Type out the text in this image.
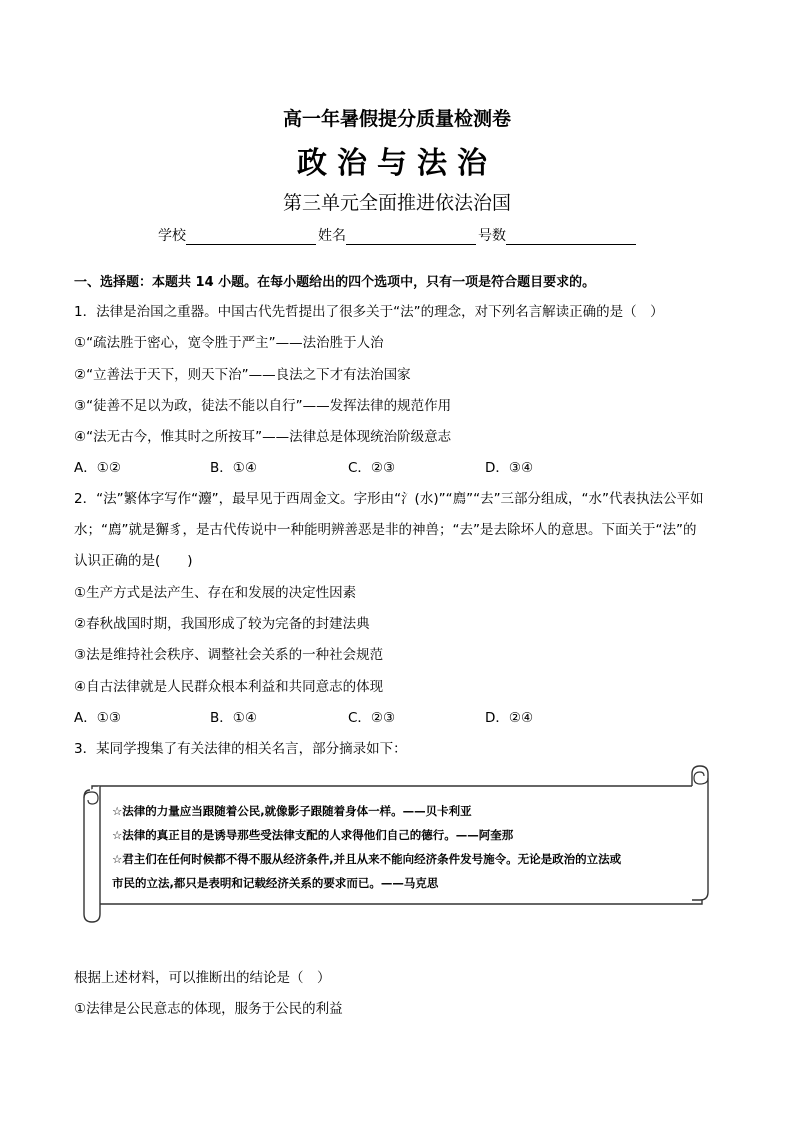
高一年暑假提分质量检测卷
政治与法治
第三单元全面推进依法治国
学校	姓名	号数
一、选择题：本题共 14 小题。在每小题给出的四个选项中，只有一项是符合题目要求的。
1．法律是治国之重器。中国古代先哲提出了很多关于“法”的理念，对下列名言解读正确的是（　）
①“疏法胜于密心，宽令胜于严主”——法治胜于人治
②“立善法于天下，则天下治”——良法之下才有法治国家
③“徒善不足以为政，徒法不能以自行”——发挥法律的规范作用
④“法无古今，惟其时之所按耳”——法律总是体现统治阶级意志
A．①②	B．①④	C．②③	D．③④
2．“法”繁体字写作“灋”，最早见于西周金文。字形由“氵(水)”“廌”“去”三部分组成，“水”代表执法公平如
水；“廌”就是獬豸，是古代传说中一种能明辨善恶是非的神兽；“去”是去除坏人的意思。下面关于“法”的
认识正确的是(　　)
①生产方式是法产生、存在和发展的决定性因素
②春秋战国时期，我国形成了较为完备的封建法典
③法是维持社会秩序、调整社会关系的一种社会规范
④自古法律就是人民群众根本利益和共同意志的体现
A．①③	B．①④	C．②③	D．②④
3．某同学搜集了有关法律的相关名言，部分摘录如下：
☆法律的力量应当跟随着公民,就像影子跟随着身体一样。——贝卡利亚
☆法律的真正目的是诱导那些受法律支配的人求得他们自己的德行。——阿奎那
☆君主们在任何时候都不得不服从经济条件,并且从来不能向经济条件发号施令。无论是政治的立法或
市民的立法,都只是表明和记载经济关系的要求而已。——马克思
根据上述材料，可以推断出的结论是（　）
①法律是公民意志的体现，服务于公民的利益
